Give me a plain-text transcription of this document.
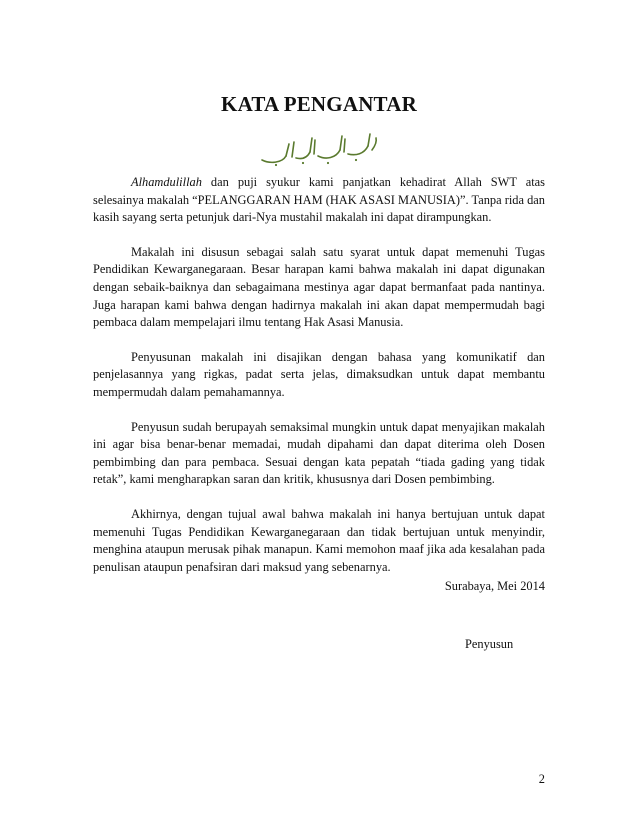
KATA PENGANTAR

Alhamdulillah dan puji syukur kami panjatkan kehadirat Allah SWT atas selesainya makalah “PELANGGARAN HAM (HAK ASASI MANUSIA)”. Tanpa rida dan kasih sayang serta petunjuk dari-Nya mustahil makalah ini dapat dirampungkan.

Makalah ini disusun sebagai salah satu syarat untuk dapat memenuhi Tugas Pendidikan Kewarganegaraan. Besar harapan kami bahwa makalah ini dapat digunakan dengan sebaik-baiknya dan sebagaimana mestinya agar dapat bermanfaat pada nantinya. Juga harapan kami bahwa dengan hadirnya makalah ini akan dapat mempermudah bagi pembaca dalam mempelajari ilmu tentang Hak Asasi Manusia.

Penyusunan makalah ini disajikan dengan bahasa yang komunikatif dan penjelasannya yang rigkas, padat serta jelas, dimaksudkan untuk dapat membantu mempermudah dalam pemahamannya.

Penyusun sudah berupayah semaksimal mungkin untuk dapat menyajikan makalah ini agar bisa benar-benar memadai, mudah dipahami dan dapat diterima oleh Dosen pembimbing dan para pembaca. Sesuai dengan kata pepatah “tiada gading yang tidak retak”, kami mengharapkan saran dan kritik, khususnya dari Dosen pembimbing.

Akhirnya, dengan tujual awal bahwa makalah ini hanya bertujuan untuk dapat memenuhi Tugas Pendidikan Kewarganegaraan dan tidak bertujuan untuk menyindir, menghina ataupun merusak pihak manapun. Kami memohon maaf jika ada kesalahan pada penulisan ataupun penafsiran dari maksud yang sebenarnya.

Surabaya, Mei 2014
Penyusun
2
